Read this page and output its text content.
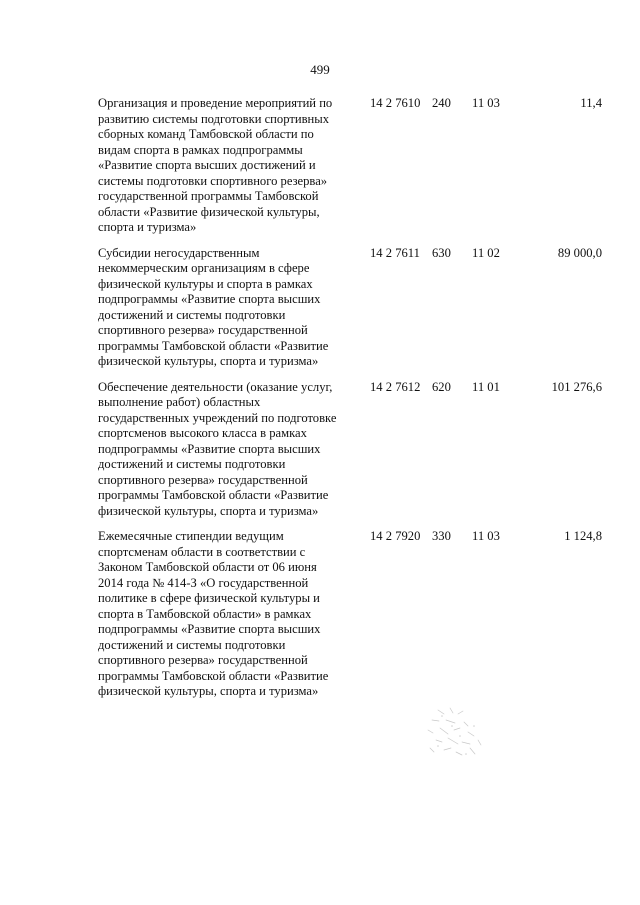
499
Организация и проведение мероприятий по
развитию системы подготовки спортивных
сборных команд Тамбовской области по
видам спорта в рамках подпрограммы
«Развитие спорта высших достижений и
системы подготовки спортивного резерва»
государственной программы Тамбовской
области «Развитие физической культуры,
спорта и туризма»
14 2 7610 240 11 03	11,4
Субсидии негосударственным
некоммерческим организациям в сфере
физической культуры и спорта в рамках
подпрограммы «Развитие спорта высших
достижений и системы подготовки
спортивного резерва» государственной
программы Тамбовской области «Развитие
физической культуры, спорта и туризма»
14 2 7611 630 11 02	89 000,0
Обеспечение деятельности (оказание услуг,
выполнение работ) областных
государственных учреждений по подготовке
спортсменов высокого класса в рамках
подпрограммы «Развитие спорта высших
достижений и системы подготовки
спортивного резерва» государственной
программы Тамбовской области «Развитие
физической культуры, спорта и туризма»
14 2 7612 620 11 01	101 276,6
Ежемесячные стипендии ведущим
спортсменам области в соответствии с
Законом Тамбовской области от 06 июня
2014 года № 414-З «О государственной
политике в сфере физической культуры и
спорта в Тамбовской области» в рамках
подпрограммы «Развитие спорта высших
достижений и системы подготовки
спортивного резерва» государственной
программы Тамбовской области «Развитие
физической культуры, спорта и туризма»
14 2 7920 330 11 03	1 124,8
